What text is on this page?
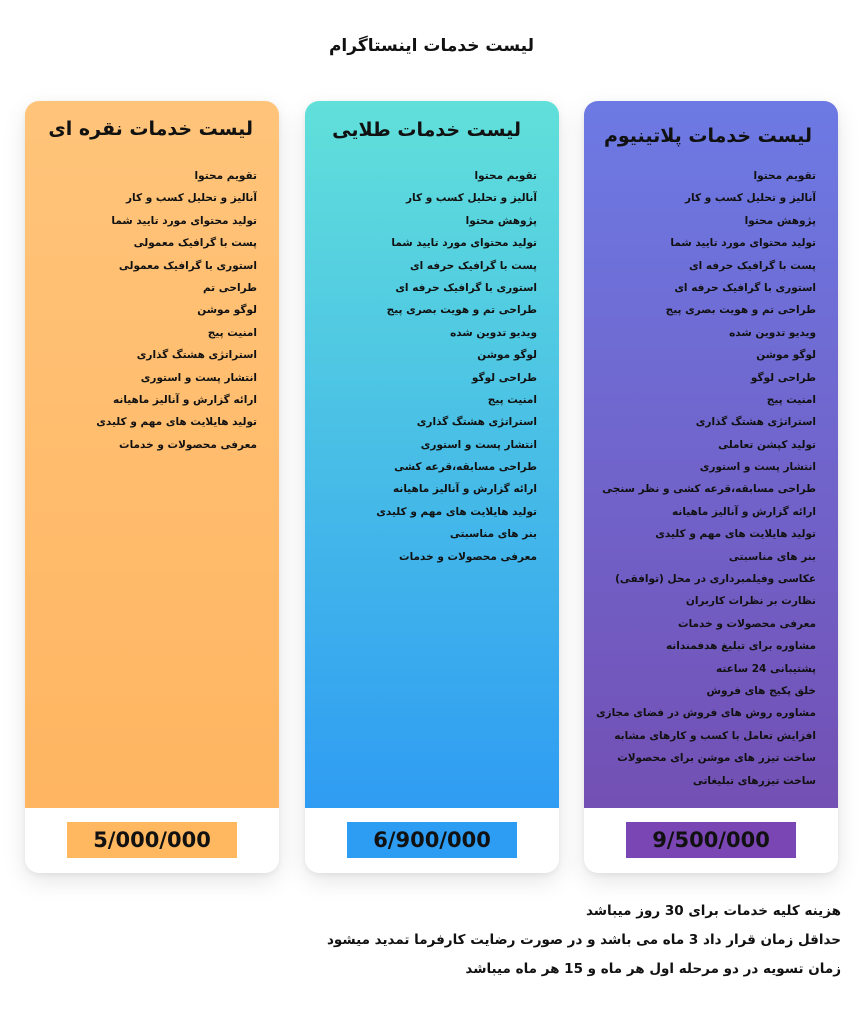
لیست خدمات اینستاگرام
لیست خدمات پلاتینیوم
تقویم محتوا
آنالیز و تحلیل کسب و کار
پژوهش محتوا
تولید محتوای مورد تایید شما
پست با گرافیک حرفه ای
استوری با گرافیک حرفه ای
طراحی تم و هویت بصری پیج
ویدیو تدوین شده
لوگو موشن
طراحی لوگو
امنیت پیج
استراتژی هشتگ گذاری
تولید کپشن تعاملی
انتشار پست و استوری
طراحی مسابقه،قرعه کشی و نظر سنجی
ارائه گزارش و آنالیز ماهیانه
تولید هایلایت های مهم و کلیدی
بنر های مناسبتی
عکاسی وفیلمبرداری در محل (توافقی)
نظارت بر نظرات کاربران
معرفی محصولات و خدمات
مشاوره برای تبلیغ هدفمندانه
پشتیبانی 24 ساعته
خلق پکیج های فروش
مشاوره روش های فروش در فضای مجازی
افزایش تعامل با کسب و کارهای مشابه
ساخت تیزر های موشن برای محصولات
ساخت تیزرهای تبلیغاتی
9/500/000
لیست خدمات طلایی
تقویم محتوا
آنالیز و تحلیل کسب و کار
پژوهش محتوا
تولید محتوای مورد تایید شما
پست با گرافیک حرفه ای
استوری با گرافیک حرفه ای
طراحی تم و هویت بصری پیج
ویدیو تدوین شده
لوگو موشن
طراحی لوگو
امنیت پیج
استراتژی هشتگ گذاری
انتشار پست و استوری
طراحی مسابقه،قرعه کشی
ارائه گزارش و آنالیز ماهیانه
تولید هایلایت های مهم و کلیدی
بنر های مناسبتی
معرفی محصولات و خدمات
6/900/000
لیست خدمات نقره ای
تقویم محتوا
آنالیز و تحلیل کسب و کار
تولید محتوای مورد تایید شما
پست با گرافیک معمولی
استوری با گرافیک معمولی
طراحی تم
لوگو موشن
امنیت پیج
استراتژی هشتگ گذاری
انتشار پست و استوری
ارائه گزارش و آنالیز ماهیانه
تولید هایلایت های مهم و کلیدی
معرفی محصولات و خدمات
5/000/000
هزینه کلیه خدمات برای 30 روز میباشد
حداقل زمان قرار داد 3 ماه می باشد و در صورت رضایت کارفرما تمدید میشود
زمان تسویه در دو مرحله اول هر ماه و 15 هر ماه میباشد
